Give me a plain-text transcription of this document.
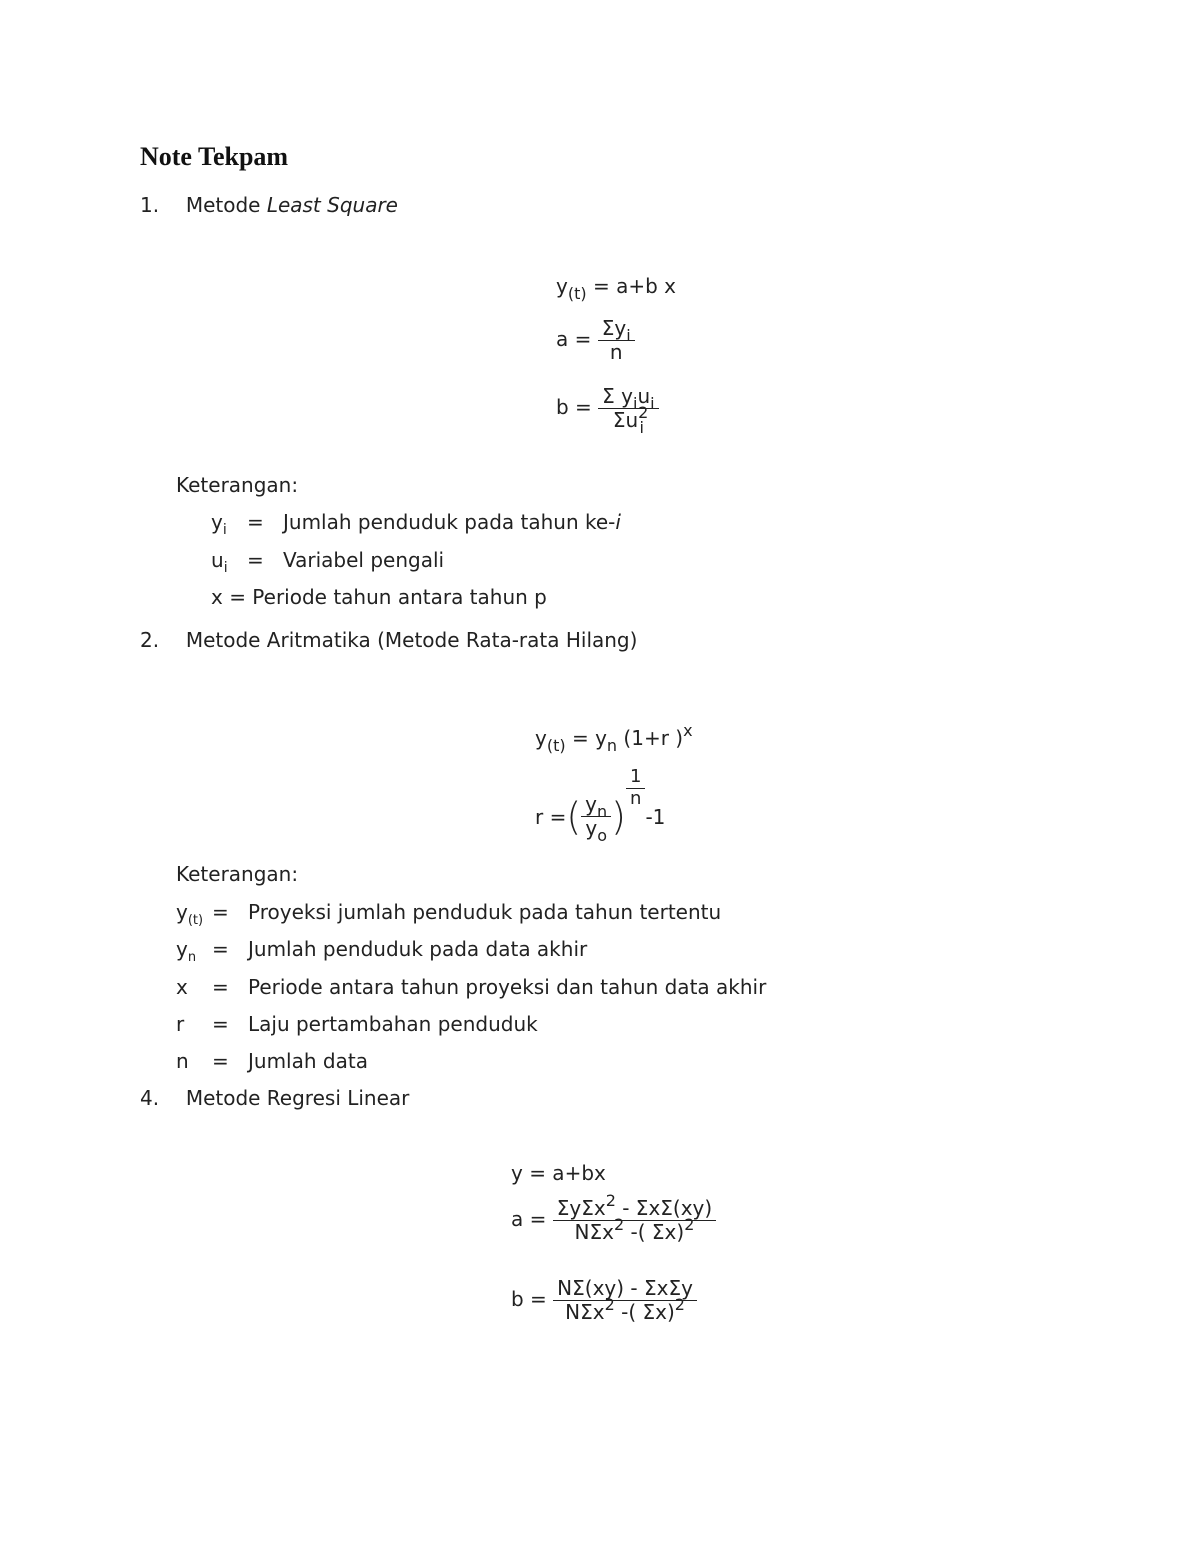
Note Tekpam
1. Metode Least Square
$y_{(t)} = a+b$ x
$a = \frac{\Sigma y_i}{n}$
$b = \frac{\Sigma y_iu_i}{\Sigma u^2_i}$
Keterangan:
$y_i$ = Jumlah penduduk pada tahun ke-i
$u_i$ = Variabel pengali
x = Periode tahun antara tahun p
2. Metode Aritmatika (Metode Rata-rata Hilang)
$y_{(t)} = y_n$ (1+r )$^x$
r =( $\frac{y_n}{y_o}$ )
$\frac{1}{n}$
-1
Keterangan:
$y_{(t)}$ = Proyeksi jumlah penduduk pada tahun tertentu
$y_n$ = Jumlah penduduk pada data akhir
x = Periode antara tahun proyeksi dan tahun data akhir
r = Laju pertambahan penduduk
n = Jumlah data
4. Metode Regresi Linear
y = a+bx
$a = \frac{\Sigma y\Sigma x^2 - \Sigma x\Sigma(xy)}{N\Sigma x^2 -( \Sigma x)^2}$
$b = \frac{\text{NΣ(xy) - ΣxΣy}}{N\Sigma x^2 -( \Sigma x)^2}$
